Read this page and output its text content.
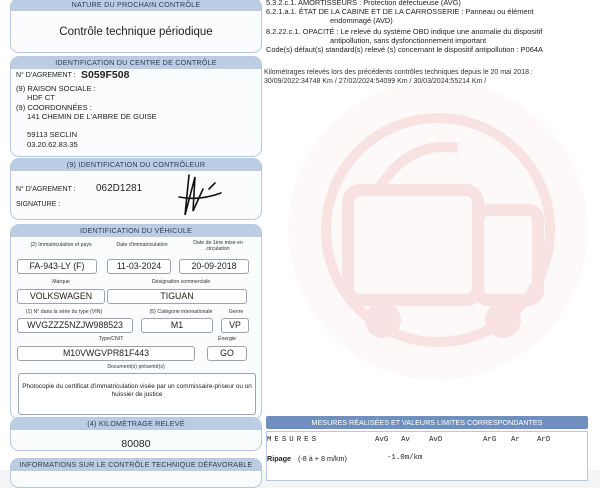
NATURE DU PROCHAIN CONTRÔLE
Contrôle technique périodique
IDENTIFICATION DU CENTRE DE CONTRÔLE
N° D'AGREMENT : S059F508
(9) RAISON SOCIALE :
HDF CT
(9) COORDONNÉES :
141 CHEMIN DE L'ARBRE DE GUISE
59113 SECLIN
03.20.62.83.35
(9) IDENTIFICATION DU CONTRÔLEUR
N° D'AGREMENT : 062D1281
SIGNATURE :
IDENTIFICATION DU VÉHICULE
(2) Immatriculation et pays	Date d'immatriculation	Date de 1ère mise en
circulation
FA-943-LY (F)	11-03-2024	20-09-2018
Marque	Désignation commerciale
VOLKSWAGEN	TIGUAN
(1) N° dans la série du type (VIN)	(5) Catégorie internationale	Genre
WVGZZZ5NZJW988523	M1	VP
Type/CNIT	Énergie
M10VWGVPR81F443	GO
Document(s) présenté(s)
Photocopie du certificat d'immatriculation visée par un commissaire-priseur ou un huissier de justice
(4) KILOMÉTRAGE RELEVÉ
80080
INFORMATIONS SUR LE CONTRÔLE TECHNIQUE DÉFAVORABLE
5.3.2.c.1. AMORTISSEURS : Protection défectueuse (AVG)
6.2.1.a.1. ÉTAT DE LA CABINE ET DE LA CARROSSERIE : Panneau ou élément
endommagé (AVD)
8.2.22.c.1. OPACITÉ : Le relevé du système OBD indique une anomalie du dispositif
antipollution, sans dysfonctionnement important
Code(s) défaut(s) standard(s) relevé (s) concernant le dispositif antipollution : P064A
Kilométrages relevés lors des précédents contrôles techniques depuis le 20 mai 2018 :
30/09/2022:34748 Km / 27/02/2024:54099 Km / 30/03/2024:55214 Km /
MESURES RÉALISÉES ET VALEURS LIMITES CORRESPONDANTES
MESURES	AvG Av	AvD	ArG Ar ArD
Ripage (-8 à + 8 m/km)	-1.0m/km
